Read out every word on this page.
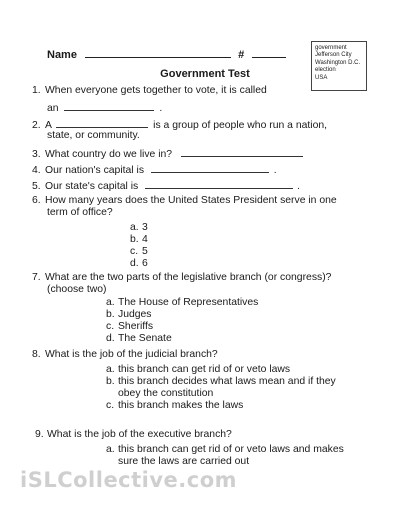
Name	#
government
Jefferson City
Washington D.C.
election
USA
Government Test
1. When everyone gets together to vote, it is called
an	.
2. A	is a group of people who run a nation,
state, or community.
3. What country do we live in?
4. Our nation's capital is	.
5. Our state's capital is	.
6. How many years does the United States President serve in one
term of office?
a. 3
b. 4
c. 5
d. 6
7. What are the two parts of the legislative branch (or congress)?
(choose two)
a. The House of Representatives
b. Judges
c. Sheriffs
d. The Senate
8. What is the job of the judicial branch?
a. this branch can get rid of or veto laws
b. this branch decides what laws mean and if they
obey the constitution
c. this branch makes the laws
9. What is the job of the executive branch?
a. this branch can get rid of or veto laws and makes
sure the laws are carried out
iSLCollective.com
